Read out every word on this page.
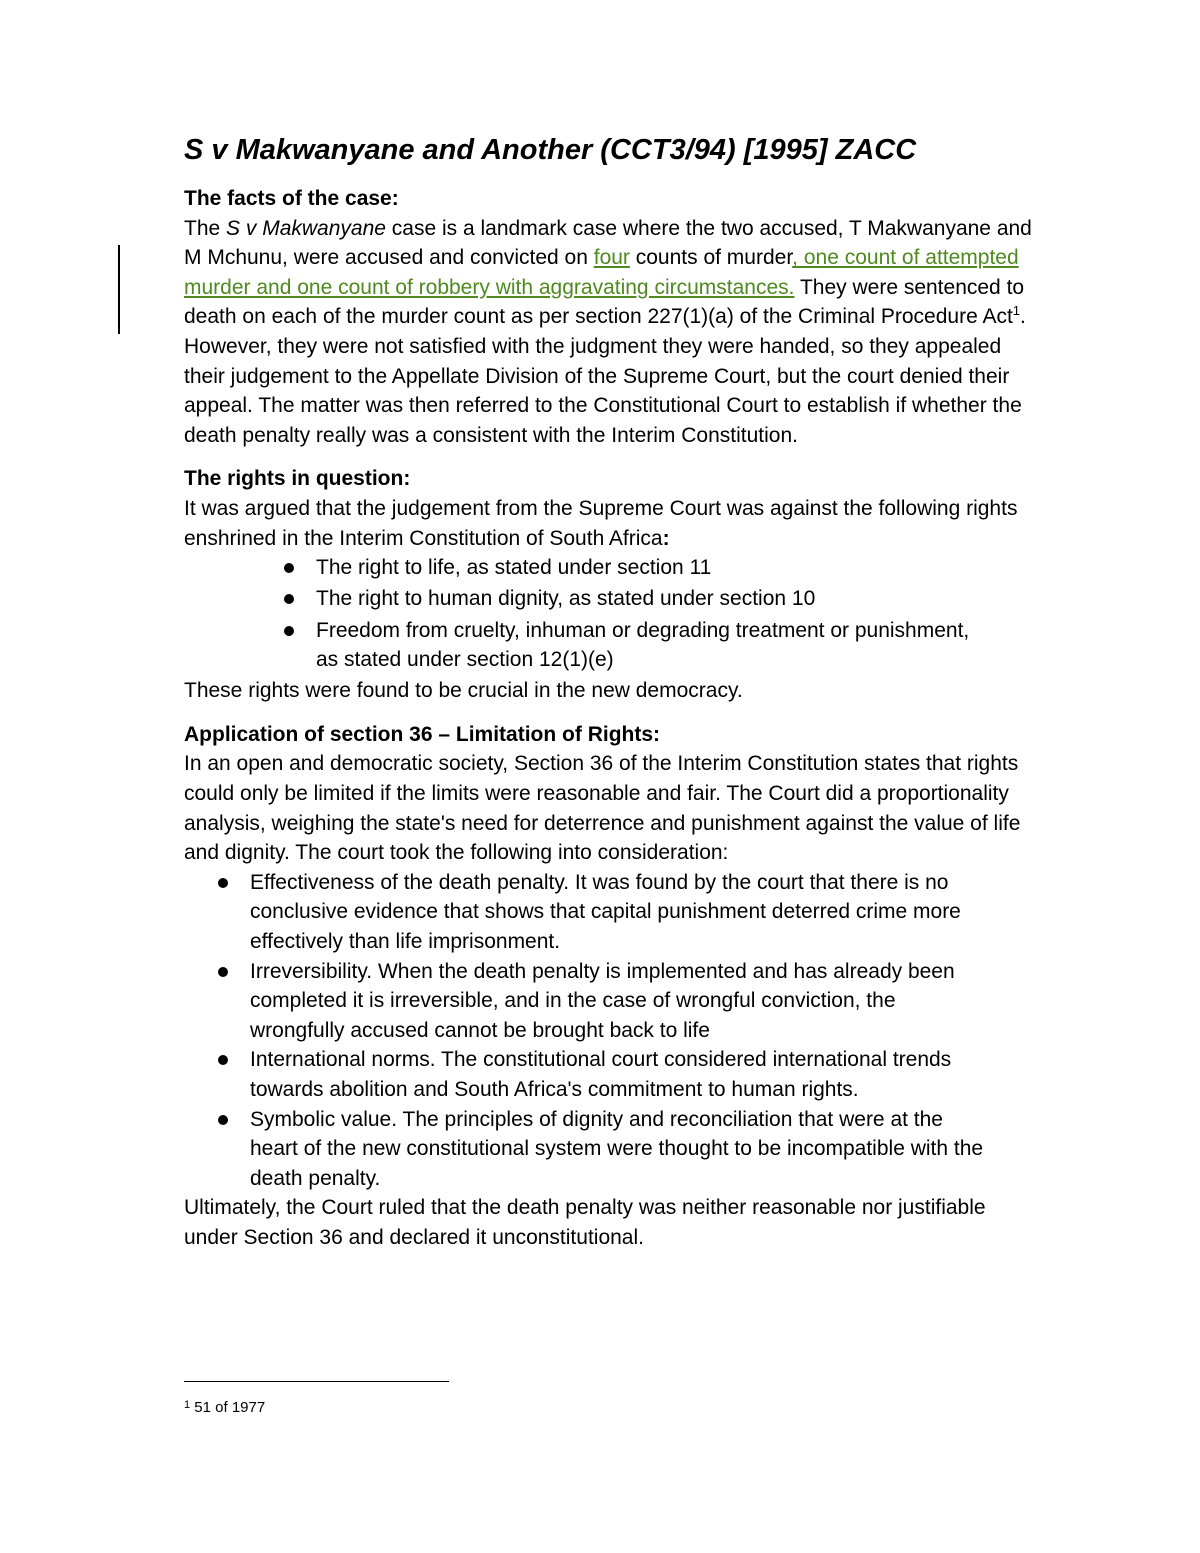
S v Makwanyane and Another (CCT3/94) [1995] ZACC

The facts of the case:

The S v Makwanyane case is a landmark case where the two accused, T Makwanyane and M Mchunu, were accused and convicted on four counts of murder, one count of attempted murder and one count of robbery with aggravating circumstances. They were sentenced to death on each of the murder count as per section 227(1)(a) of the Criminal Procedure Act$^1$. However, they were not satisfied with the judgment they were handed, so they appealed their judgement to the Appellate Division of the Supreme Court, but the court denied their appeal. The matter was then referred to the Constitutional Court to establish if whether the death penalty really was a consistent with the Interim Constitution.

The rights in question:

It was argued that the judgement from the Supreme Court was against the following rights enshrined in the Interim Constitution of South Africa:

The right to life, as stated under section 11
The right to human dignity, as stated under section 10
Freedom from cruelty, inhuman or degrading treatment or punishment, as stated under section 12(1)(e)

These rights were found to be crucial in the new democracy.

Application of section 36 – Limitation of Rights:

In an open and democratic society, Section 36 of the Interim Constitution states that rights could only be limited if the limits were reasonable and fair. The Court did a proportionality analysis, weighing the state's need for deterrence and punishment against the value of life and dignity. The court took the following into consideration:

Effectiveness of the death penalty. It was found by the court that there is no conclusive evidence that shows that capital punishment deterred crime more effectively than life imprisonment.
Irreversibility. When the death penalty is implemented and has already been completed it is irreversible, and in the case of wrongful conviction, the wrongfully accused cannot be brought back to life
International norms. The constitutional court considered international trends towards abolition and South Africa's commitment to human rights.
Symbolic value. The principles of dignity and reconciliation that were at the heart of the new constitutional system were thought to be incompatible with the death penalty.

Ultimately, the Court ruled that the death penalty was neither reasonable nor justifiable under Section 36 and declared it unconstitutional.

$^1$ 51 of 1977
